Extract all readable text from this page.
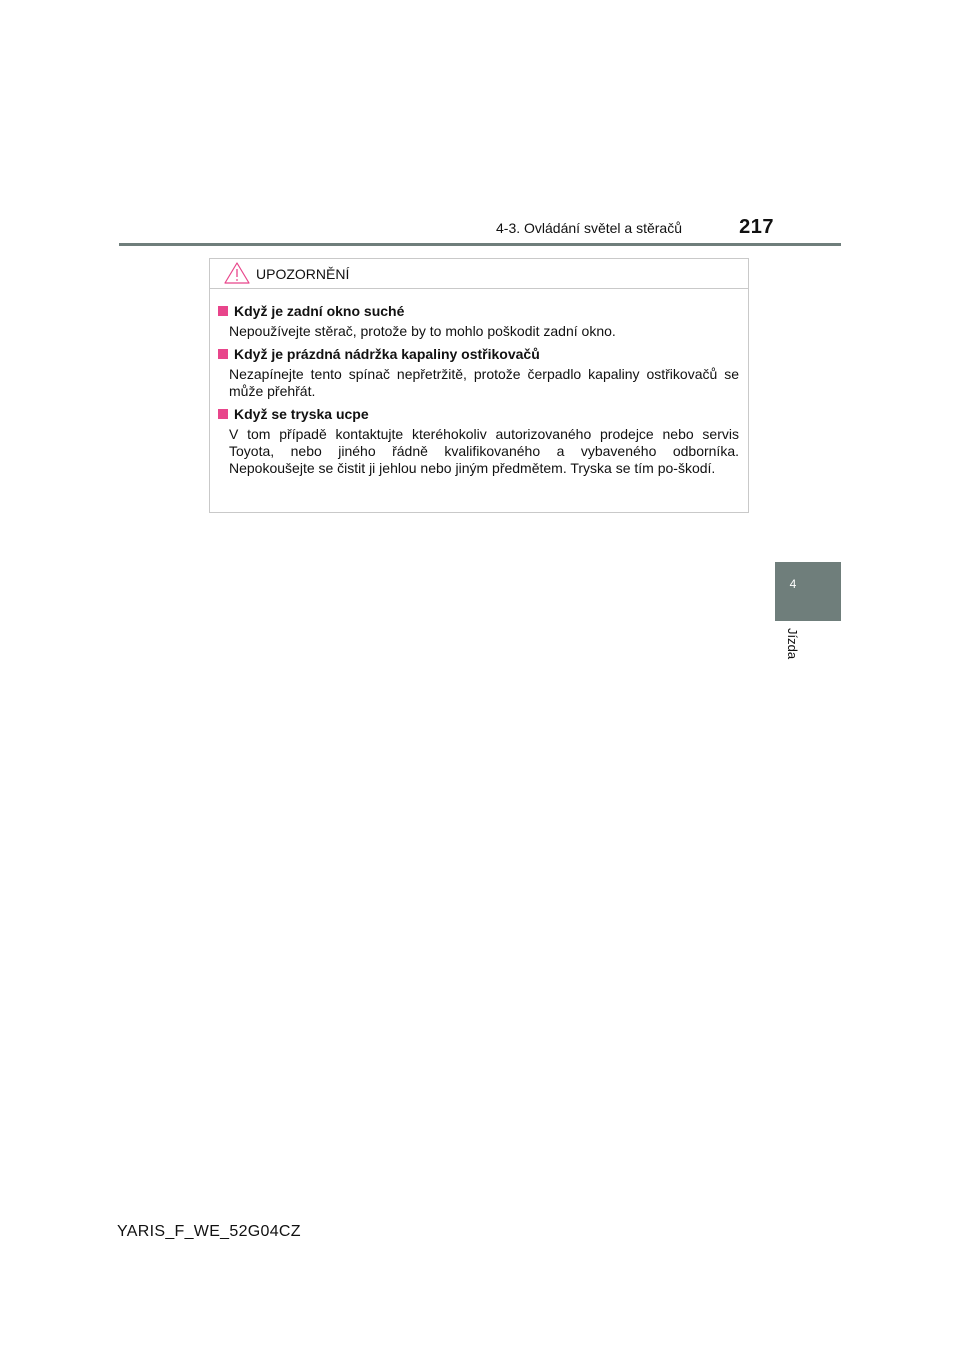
4-3. Ovládání světel a stěračů	217
UPOZORNĚNÍ
Když je zadní okno suché

Nepoužívejte stěrač, protože by to mohlo poškodit zadní okno.

Když je prázdná nádržka kapaliny ostřikovačů

Nezapínejte tento spínač nepřetržitě, protože čerpadlo kapaliny ostřikovačů se může přehřát.

Když se tryska ucpe

V tom případě kontaktujte kteréhokoliv autorizovaného prodejce nebo servis Toyota, nebo jiného řádně kvalifikovaného a vybaveného odborníka. Nepokoušejte se čistit ji jehlou nebo jiným předmětem. Tryska se tím po-škodí.

4
Jízda
YARIS_F_WE_52G04CZ
